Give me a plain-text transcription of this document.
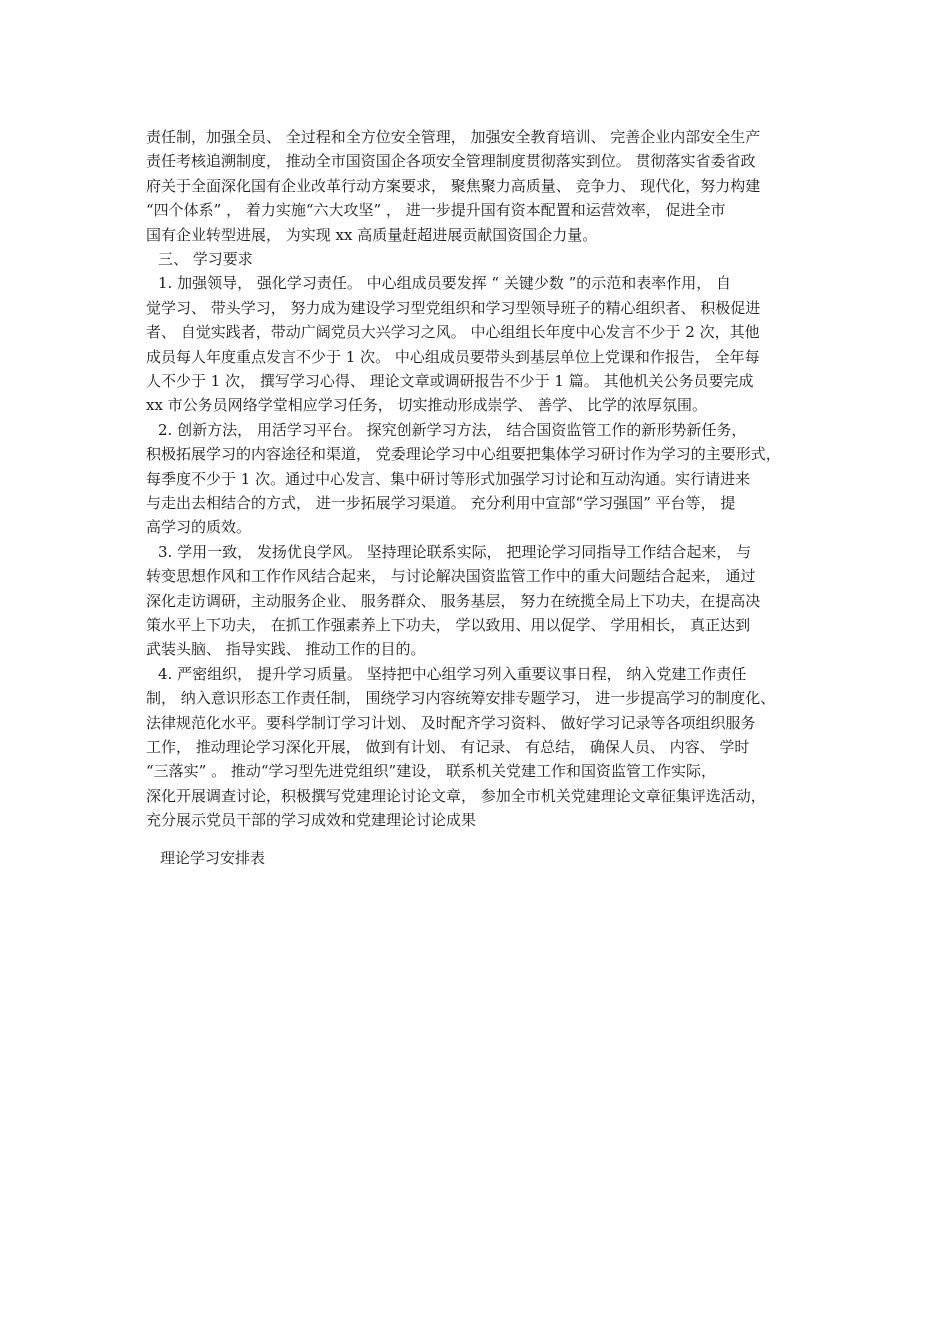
责任制，加强全员、 全过程和全方位安全管理， 加强安全教育培训、 完善企业内部安全生产
责任考核追溯制度， 推动全市国资国企各项安全管理制度贯彻落实到位。 贯彻落实省委省政
府关于全面深化国有企业改革行动方案要求， 聚焦聚力高质量、 竞争力、 现代化，努力构建
“四个体系” ， 着力实施“六大攻坚” ， 进一步提升国有资本配置和运营效率， 促进全市
国有企业转型进展， 为实现 xx 高质量赶超进展贡献国资国企力量。
三、 学习要求
1. 加强领导， 强化学习责任。 中心组成员要发挥 “ 关键少数 ”的示范和表率作用， 自
觉学习、 带头学习， 努力成为建设学习型党组织和学习型领导班子的精心组织者、 积极促进
者、 自觉实践者，带动广阔党员大兴学习之风。 中心组组长年度中心发言不少于 2 次，其他
成员每人年度重点发言不少于 1 次。 中心组成员要带头到基层单位上党课和作报告， 全年每
人不少于 1 次， 撰写学习心得、 理论文章或调研报告不少于 1 篇。 其他机关公务员要完成
xx 市公务员网络学堂相应学习任务， 切实推动形成崇学、 善学、 比学的浓厚氛围。
2. 创新方法， 用活学习平台。 探究创新学习方法， 结合国资监管工作的新形势新任务，
积极拓展学习的内容途径和渠道， 党委理论学习中心组要把集体学习研讨作为学习的主要形式，
每季度不少于 1 次。通过中心发言、集中研讨等形式加强学习讨论和互动沟通。实行请进来
与走出去相结合的方式， 进一步拓展学习渠道。 充分利用中宣部“学习强国” 平台等， 提
高学习的质效。
3. 学用一致， 发扬优良学风。 坚持理论联系实际， 把理论学习同指导工作结合起来， 与
转变思想作风和工作作风结合起来， 与讨论解决国资监管工作中的重大问题结合起来， 通过
深化走访调研，主动服务企业、 服务群众、 服务基层， 努力在统揽全局上下功夫，在提高决
策水平上下功夫， 在抓工作强素养上下功夫， 学以致用、用以促学、 学用相长， 真正达到
武装头脑、 指导实践、 推动工作的目的。
4. 严密组织， 提升学习质量。 坚持把中心组学习列入重要议事日程， 纳入党建工作责任
制， 纳入意识形态工作责任制， 围绕学习内容统筹安排专题学习， 进一步提高学习的制度化、
法律规范化水平。要科学制订学习计划、 及时配齐学习资料、 做好学习记录等各项组织服务
工作， 推动理论学习深化开展， 做到有计划、 有记录、 有总结， 确保人员、 内容、 学时
“三落实” 。 推动“学习型先进党组织”建设， 联系机关党建工作和国资监管工作实际，
深化开展调查讨论，积极撰写党建理论讨论文章， 参加全市机关党建理论文章征集评选活动，
充分展示党员干部的学习成效和党建理论讨论成果
理论学习安排表
